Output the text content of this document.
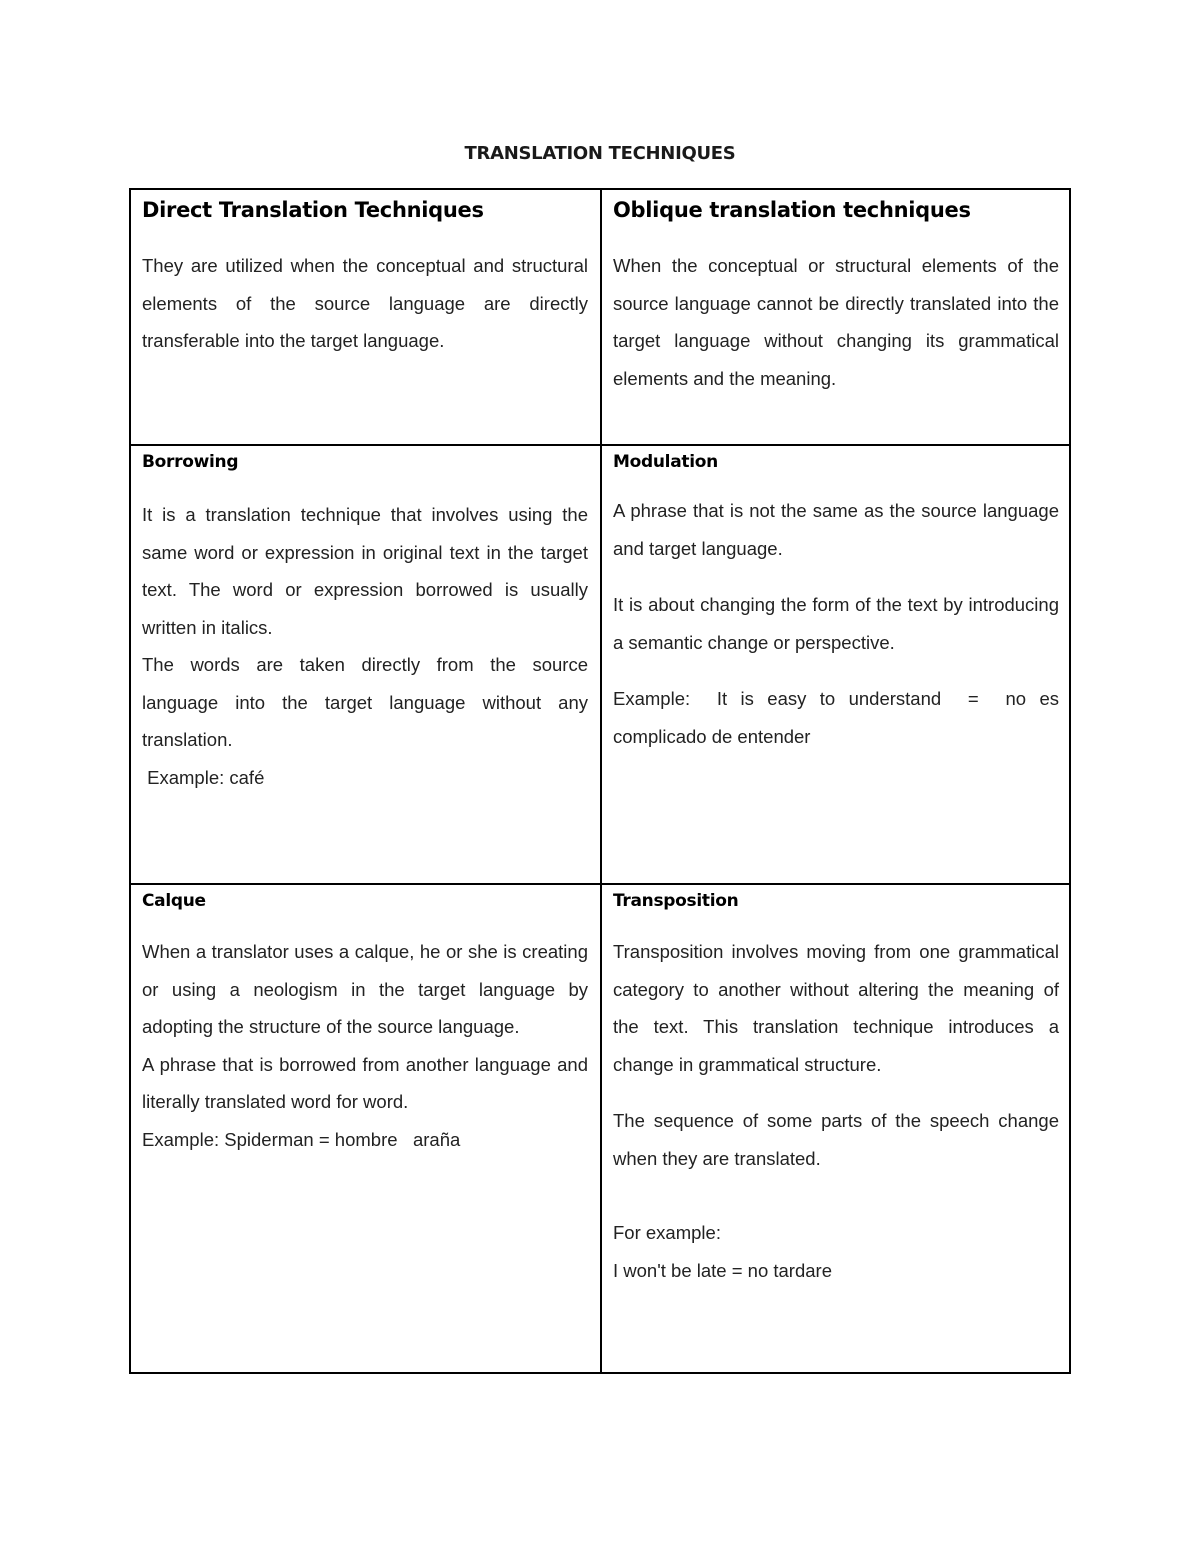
TRANSLATION TECHNIQUES
Direct Translation Techniques

They are utilized when the conceptual and structural elements of the source language are directly transferable into the target language.

Oblique translation techniques

When the conceptual or structural elements of the source language cannot be directly translated into the target language without changing its grammatical elements and the meaning.

Borrowing

It is a translation technique that involves using the same word or expression in original text in the target text. The word or expression borrowed is usually written in italics.

The words are taken directly from the source language into the target language without any translation.

Example: café

Modulation

A phrase that is not the same as the source language and target language.

It is about changing the form of the text by introducing a semantic change or perspective.

Example:  It is easy to understand  =  no es complicado de entender

Calque

When a translator uses a calque, he or she is creating or using a neologism in the target language by adopting the structure of the source language.

A phrase that is borrowed from another language and literally translated word for word.

Example: Spiderman = hombre   araña

Transposition

Transposition involves moving from one grammatical category to another without altering the meaning of the text. This translation technique introduces a change in grammatical structure.

The sequence of some parts of the speech change when they are translated.

For example:

I won't be late = no tardare
